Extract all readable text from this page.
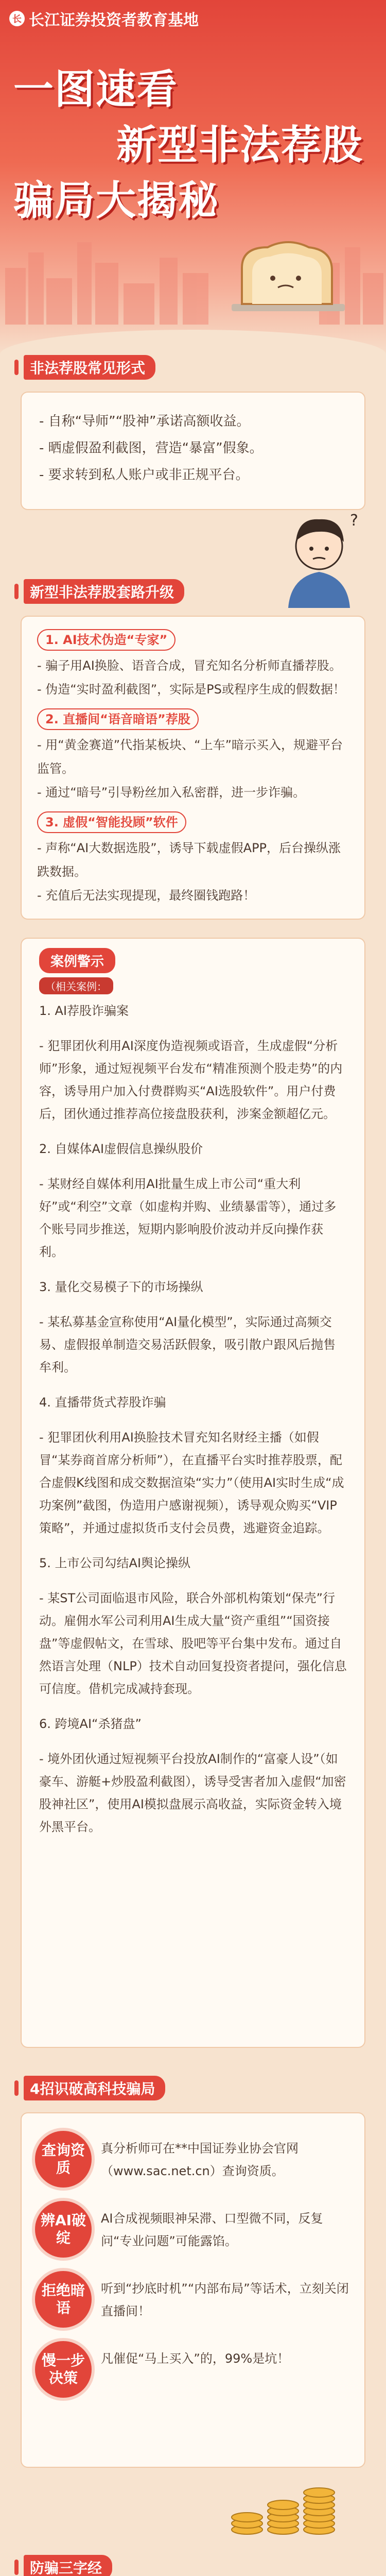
长 长江证券投资者教育基地
一图速看
新型非法荐股
骗局大揭秘
非法荐股常见形式

- 自称“导师”“股神”承诺高额收益。

- 晒虚假盈利截图，营造“暴富”假象。

- 要求转到私人账户或非正规平台。

?
新型非法荐股套路升级
1. AI技术伪造“专家”

- 骗子用AI换脸、语音合成，冒充知名分析师直播荐股。

- 伪造“实时盈利截图”，实际是PS或程序生成的假数据！

2. 直播间“语音暗语”荐股

- 用“黄金赛道”代指某板块、“上车”暗示买入，规避平台监管。

- 通过“暗号”引导粉丝加入私密群，进一步诈骗。

3. 虚假“智能投顾”软件

- 声称“AI大数据选股”，诱导下载虚假APP，后台操纵涨跌数据。

- 充值后无法实现提现，最终圈钱跑路！

案例警示
（相关案例：

1. AI荐股诈骗案

- 犯罪团伙利用AI深度伪造视频或语音，生成虚假“分析师”形象，通过短视频平台发布“精准预测个股走势”的内容，诱导用户加入付费群购买“AI选股软件”。用户付费后，团伙通过推荐高位接盘股获利，涉案金额超亿元。

2. 自媒体AI虚假信息操纵股价

- 某财经自媒体利用AI批量生成上市公司“重大利好”或“利空”文章（如虚构并购、业绩暴雷等），通过多个账号同步推送，短期内影响股价波动并反向操作获利。

3. 量化交易模子下的市场操纵

- 某私募基金宣称使用“AI量化模型”，实际通过高频交易、虚假报单制造交易活跃假象，吸引散户跟风后抛售牟利。

4. 直播带货式荐股诈骗

- 犯罪团伙利用AI换脸技术冒充知名财经主播（如假冒“某券商首席分析师”），在直播平台实时推荐股票，配合虚假K线图和成交数据渲染“实力”（使用AI实时生成“成功案例”截图，伪造用户感谢视频），诱导观众购买“VIP策略”，并通过虚拟货币支付会员费，逃避资金追踪。

5. 上市公司勾结AI舆论操纵

- 某ST公司面临退市风险，联合外部机构策划“保壳”行动。雇佣水军公司利用AI生成大量“资产重组”“国资接盘”等虚假帖文，在雪球、股吧等平台集中发布。通过自然语言处理（NLP）技术自动回复投资者提问，强化信息可信度。借机完成减持套现。

6. 跨境AI“杀猪盘”

- 境外团伙通过短视频平台投放AI制作的“富豪人设”（如豪车、游艇+炒股盈利截图），诱导受害者加入虚假“加密股神社区”，使用AI模拟盘展示高收益，实际资金转入境外黑平台。

4招识破高科技骗局
查询资质
真分析师可在**中国证券业协会官网（www.sac.net.cn）查询资质。
辨AI破绽
AI合成视频眼神呆滞、口型微不同，反复问“专业问题”可能露馅。
拒绝暗语
听到“抄底时机”“内部布局”等话术，立刻关闭直播间！
慢一步决策
凡催促“马上买入”的，99%是坑！
防骗三字经
